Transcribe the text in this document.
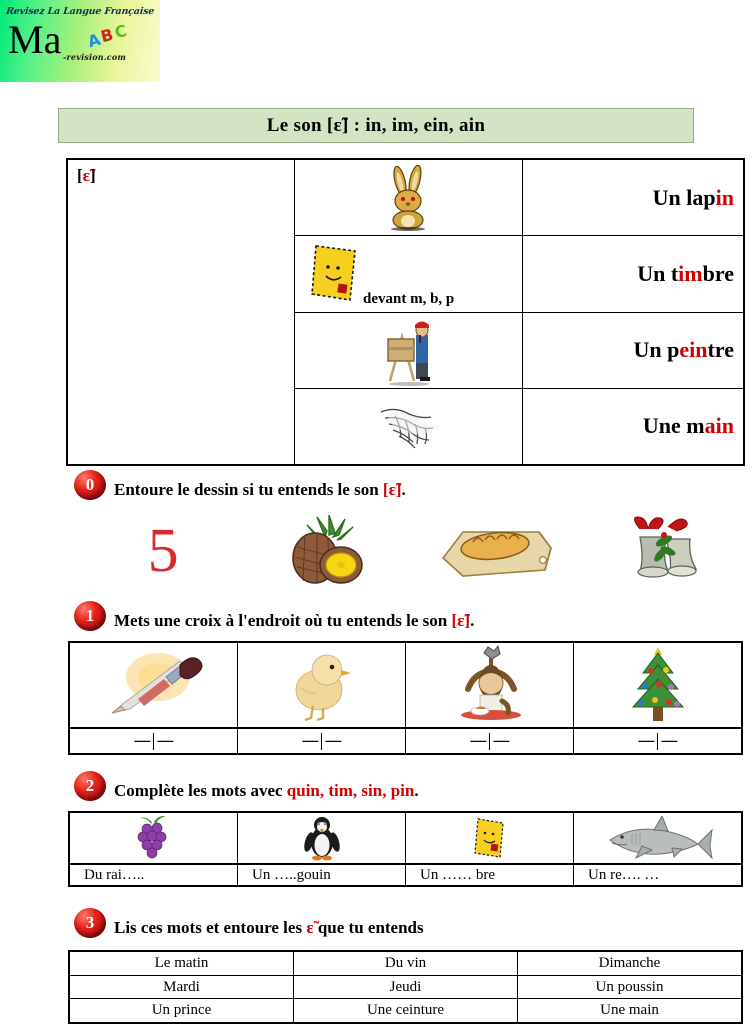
Revisez La Langue Française
Ma -revision.com
A
B
C
Le son [ɛ̃] : in, im, ein, ain
[ɛ̃]
Un lap in
devant m, b, p
Un t im bre
Un p ein tre
Une m ain
0	Entoure le dessin si tu entends le son [ɛ̃].
5
1	Mets une croix à l'endroit où tu entends le son [ɛ̃].
---- ----	---- ----	---- ----	---- ----
2	Complète les mots avec quin, tim, sin, pin.
Du rai…..	Un …..gouin	Un …… bre	Un re…. …
3	Lis ces mots et entoure les ɛ̃ que tu entends
Le matin	Du vin	Dimanche
Mardi	Jeudi	Un poussin
Un prince	Une ceinture	Une main
